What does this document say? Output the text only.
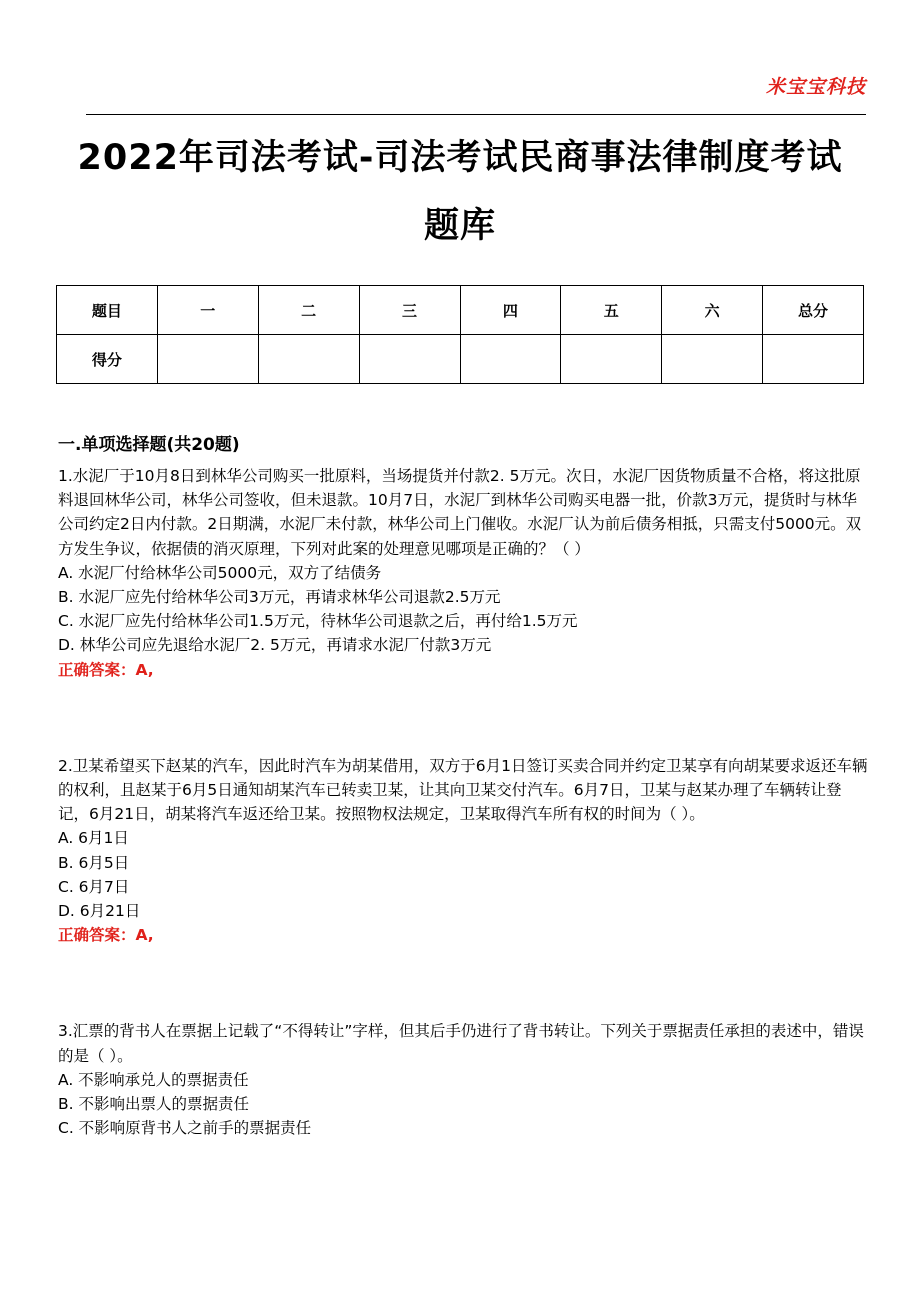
米宝宝科技
2022年司法考试-司法考试民商事法律制度考试
题库
题目	一	二	三	四	五	六	总分
得分							
一.单项选择题(共20题)

1.水泥厂于10月8日到林华公司购买一批原料，当场提货并付款2. 5万元。次日，水泥厂因货物质量不合格，将这批原料退回林华公司，林华公司签收，但未退款。10月7日，水泥厂到林华公司购买电器一批，价款3万元，提货时与林华公司约定2日内付款。2日期满，水泥厂未付款，林华公司上门催收。水泥厂认为前后债务相抵，只需支付5000元。双方发生争议，依据债的消灭原理，下列对此案的处理意见哪项是正确的？（ ）

A. 水泥厂付给林华公司5000元，双方了结债务

B. 水泥厂应先付给林华公司3万元，再请求林华公司退款2.5万元

C. 水泥厂应先付给林华公司1.5万元，待林华公司退款之后，再付给1.5万元

D. 林华公司应先退给水泥厂2. 5万元，再请求水泥厂付款3万元

正确答案：A,

2.卫某希望买下赵某的汽车，因此时汽车为胡某借用，双方于6月1日签订买卖合同并约定卫某享有向胡某要求返还车辆的权利，且赵某于6月5日通知胡某汽车已转卖卫某，让其向卫某交付汽车。6月7日，卫某与赵某办理了车辆转让登记，6月21日，胡某将汽车返还给卫某。按照物权法规定，卫某取得汽车所有权的时间为（ ）。

A. 6月1日

B. 6月5日

C. 6月7日

D. 6月21日

正确答案：A,

3.汇票的背书人在票据上记载了“不得转让”字样，但其后手仍进行了背书转让。下列关于票据责任承担的表述中，错误的是（ ）。

A. 不影响承兑人的票据责任

B. 不影响出票人的票据责任

C. 不影响原背书人之前手的票据责任
